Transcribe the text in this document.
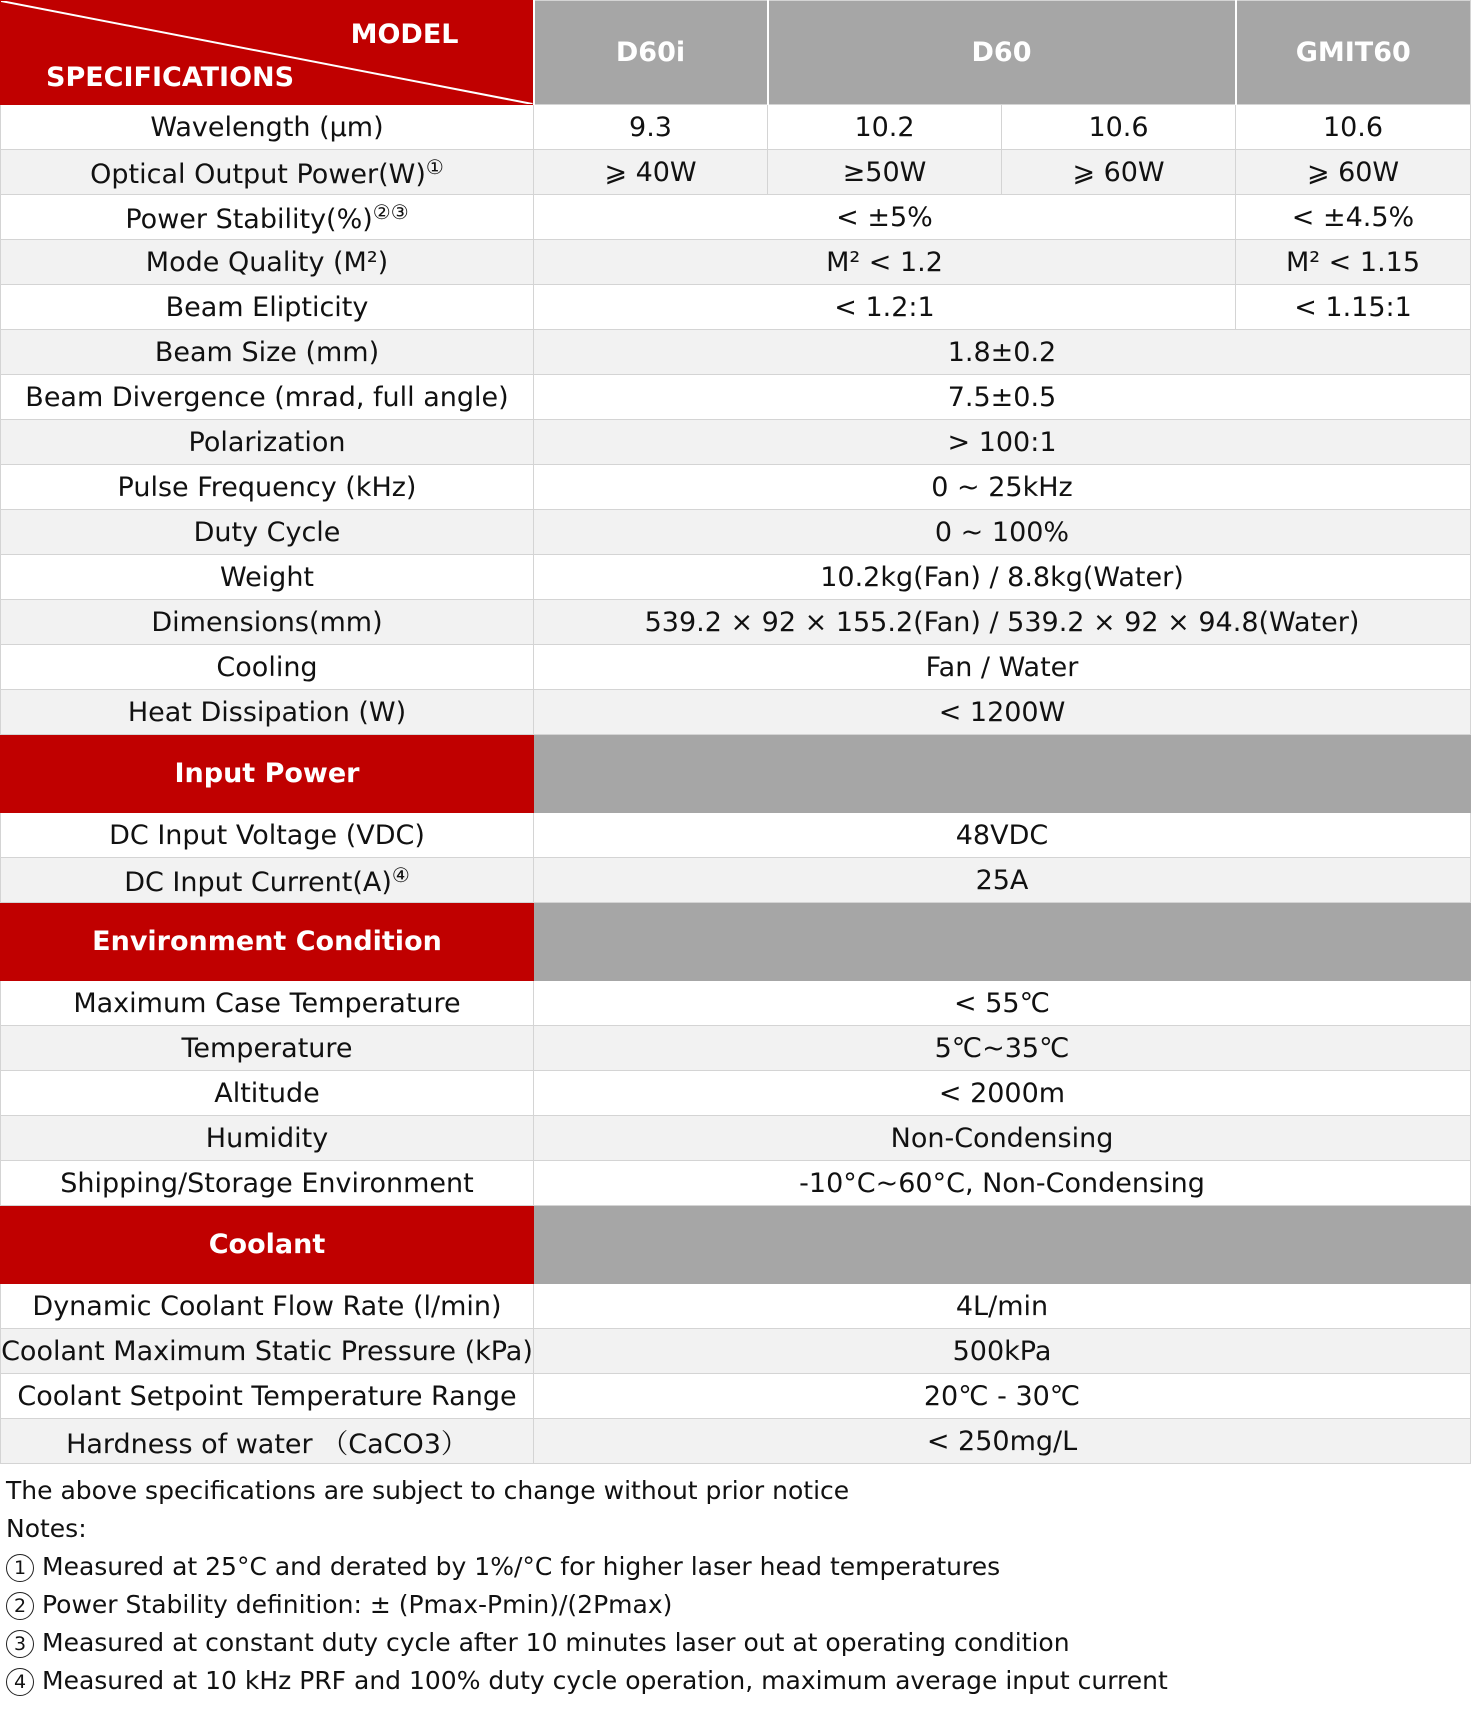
MODEL
SPECIFICATIONS	D60i	D60		GMIT60
Wavelength (μm)	9.3	10.2	10.6	10.6
Optical Output Power(W)①	⩾ 40W	≥50W	⩾ 60W	⩾ 60W
Power Stability(%)②③	< ±5%			< ±4.5%
Mode Quality (M²)	M² < 1.2			M² < 1.15
Beam Elipticity	< 1.2:1			< 1.15:1
Beam Size (mm)	1.8±0.2			
Beam Divergence (mrad, full angle)	7.5±0.5			
Polarization	> 100:1			
Pulse Frequency (kHz)	0 ~ 25kHz			
Duty Cycle	0 ~ 100%			
Weight	10.2kg(Fan) / 8.8kg(Water)			
Dimensions(mm)	539.2 × 92 × 155.2(Fan) / 539.2 × 92 × 94.8(Water)			
Cooling	Fan / Water			
Heat Dissipation (W)	< 1200W			
Input Power				
DC Input Voltage (VDC)	48VDC			
DC Input Current(A)④	25A			
Environment Condition				
Maximum Case Temperature	< 55℃			
Temperature	5℃~35℃			
Altitude	< 2000m			
Humidity	Non-Condensing			
Shipping/Storage Environment	-10°C~60°C, Non-Condensing			
Coolant				
Dynamic Coolant Flow Rate (l/min)	4L/min			
Coolant Maximum Static Pressure (kPa)	500kPa			
Coolant Setpoint Temperature Range	20℃ - 30℃			
Hardness of water （CaCO3）	< 250mg/L			
The above specifications are subject to change without prior notice
Notes:
1 Measured at 25°C and derated by 1%/°C for higher laser head temperatures
2 Power Stability definition: ± (Pmax-Pmin)/(2Pmax)
3 Measured at constant duty cycle after 10 minutes laser out at operating condition
4 Measured at 10 kHz PRF and 100% duty cycle operation, maximum average input current
